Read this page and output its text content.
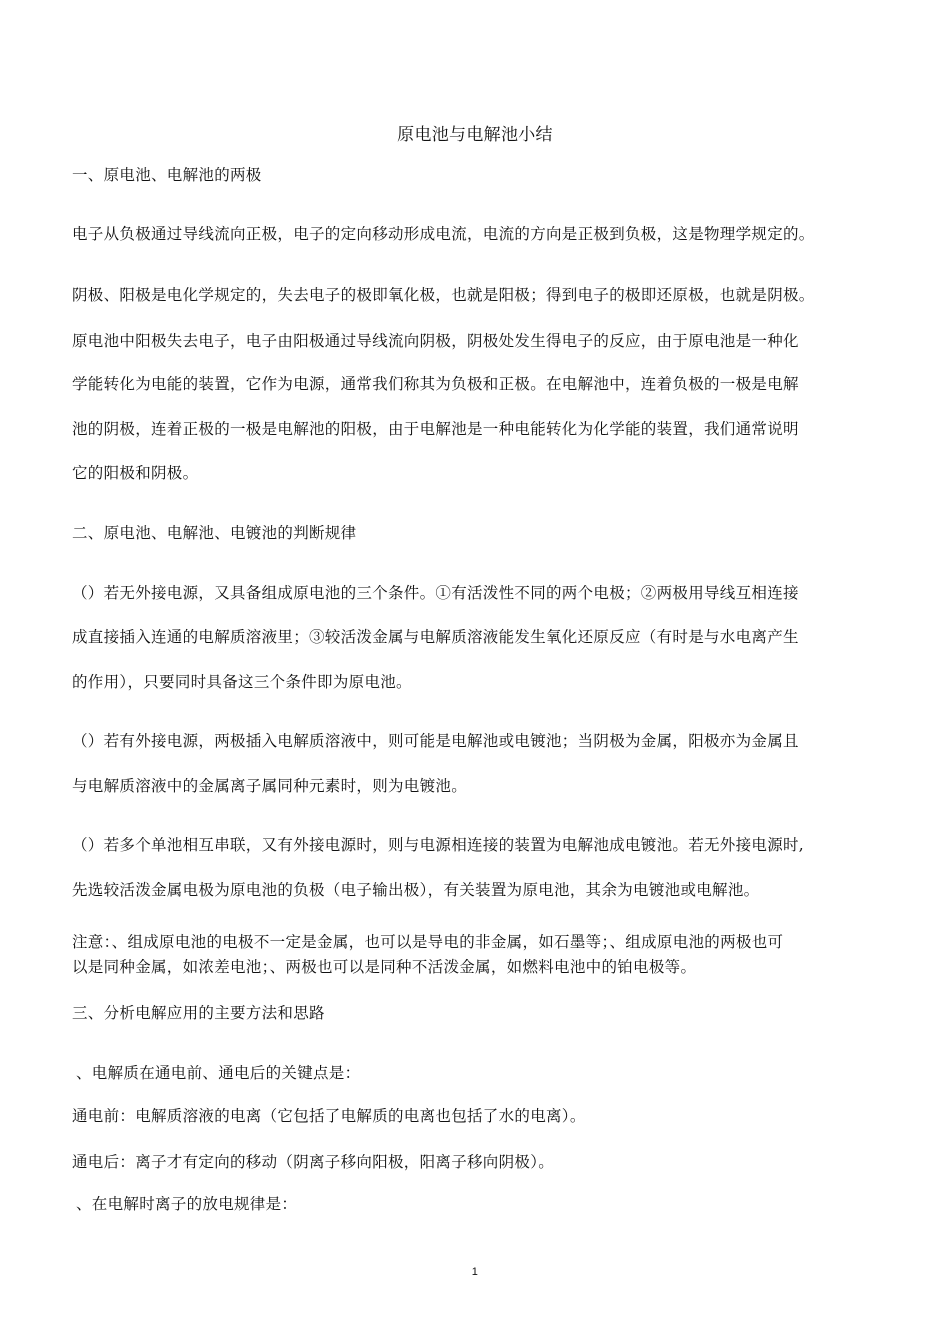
原电池与电解池小结

一、原电池、电解池的两极

电子从负极通过导线流向正极，电子的定向移动形成电流，电流的方向是正极到负极，这是物理学规定的。

阴极、阳极是电化学规定的，失去电子的极即氧化极，也就是阳极；得到电子的极即还原极，也就是阴极。

原电池中阳极失去电子，电子由阳极通过导线流向阴极，阴极处发生得电子的反应，由于原电池是一种化

学能转化为电能的装置，它作为电源，通常我们称其为负极和正极。在电解池中，连着负极的一极是电解

池的阴极，连着正极的一极是电解池的阳极，由于电解池是一种电能转化为化学能的装置，我们通常说明

它的阳极和阴极。

二、原电池、电解池、电镀池的判断规律

（）若无外接电源，又具备组成原电池的三个条件。①有活泼性不同的两个电极；②两极用导线互相连接

成直接插入连通的电解质溶液里；③较活泼金属与电解质溶液能发生氧化还原反应（有时是与水电离产生

的作用），只要同时具备这三个条件即为原电池。

（）若有外接电源，两极插入电解质溶液中，则可能是电解池或电镀池；当阴极为金属，阳极亦为金属且

与电解质溶液中的金属离子属同种元素时，则为电镀池。

（）若多个单池相互串联，又有外接电源时，则与电源相连接的装置为电解池成电镀池。若无外接电源时,

先选较活泼金属电极为原电池的负极（电子输出极），有关装置为原电池，其余为电镀池或电解池。

注意：、组成原电池的电极不一定是金属，也可以是导电的非金属，如石墨等；、组成原电池的两极也可

以是同种金属，如浓差电池；、两极也可以是同种不活泼金属，如燃料电池中的铂电极等。

三、分析电解应用的主要方法和思路

、电解质在通电前、通电后的关键点是：

通电前：电解质溶液的电离（它包括了电解质的电离也包括了水的电离）。

通电后：离子才有定向的移动（阴离子移向阳极，阳离子移向阴极）。

、在电解时离子的放电规律是：

1
